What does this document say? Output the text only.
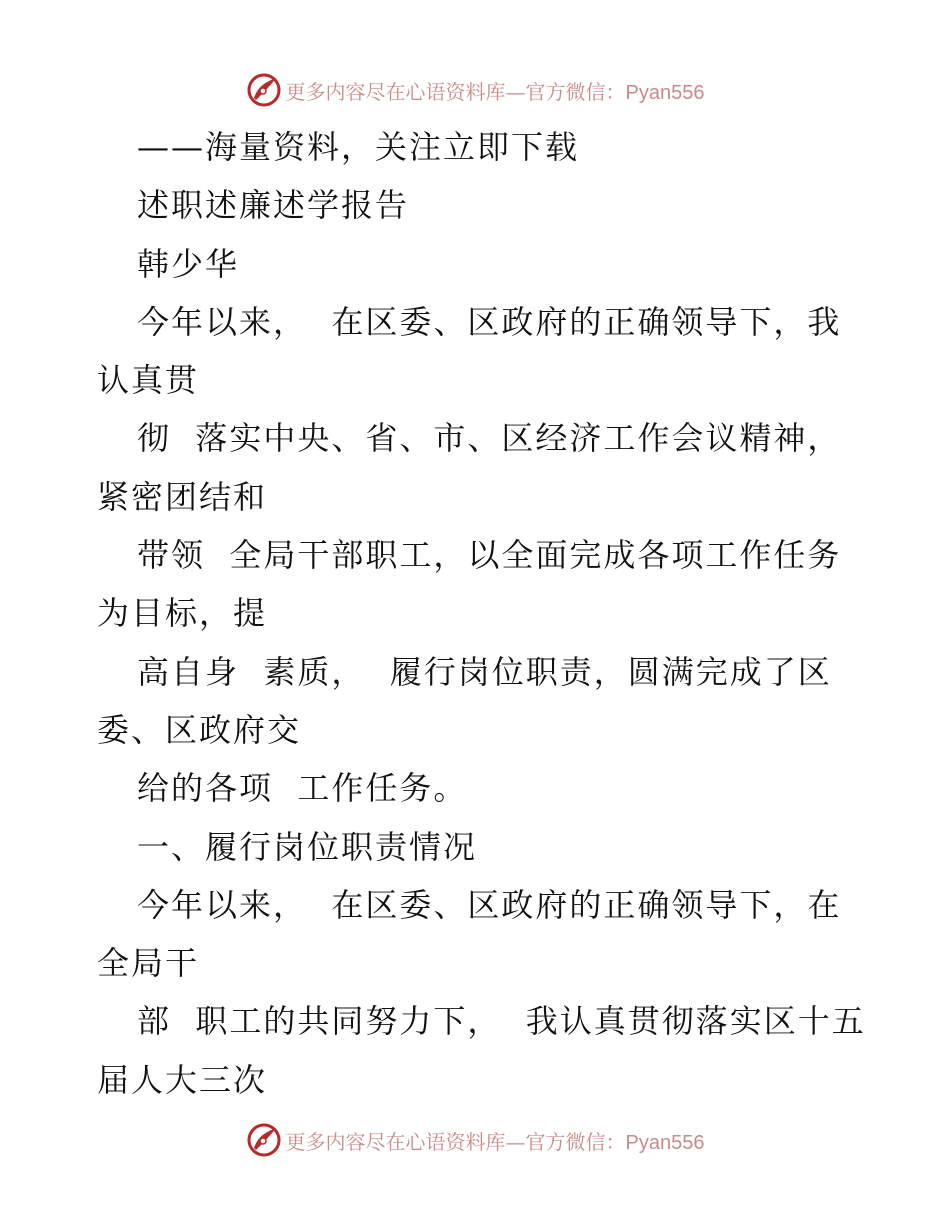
更多内容尽在心语资料库—官方微信：Pyan556
——海量资料，关注立即下载
述职述廉述学报告
韩少华
今年以来，  在区委、区政府的正确领导下，我
认真贯
彻  落实中央、省、市、区经济工作会议精神，
紧密团结和
带领  全局干部职工，以全面完成各项工作任务
为目标，提
高自身  素质，  履行岗位职责，圆满完成了区
委、区政府交
给的各项  工作任务。
一、履行岗位职责情况
今年以来，  在区委、区政府的正确领导下，在
全局干
部  职工的共同努力下，  我认真贯彻落实区十五
届人大三次
更多内容尽在心语资料库—官方微信：Pyan556
